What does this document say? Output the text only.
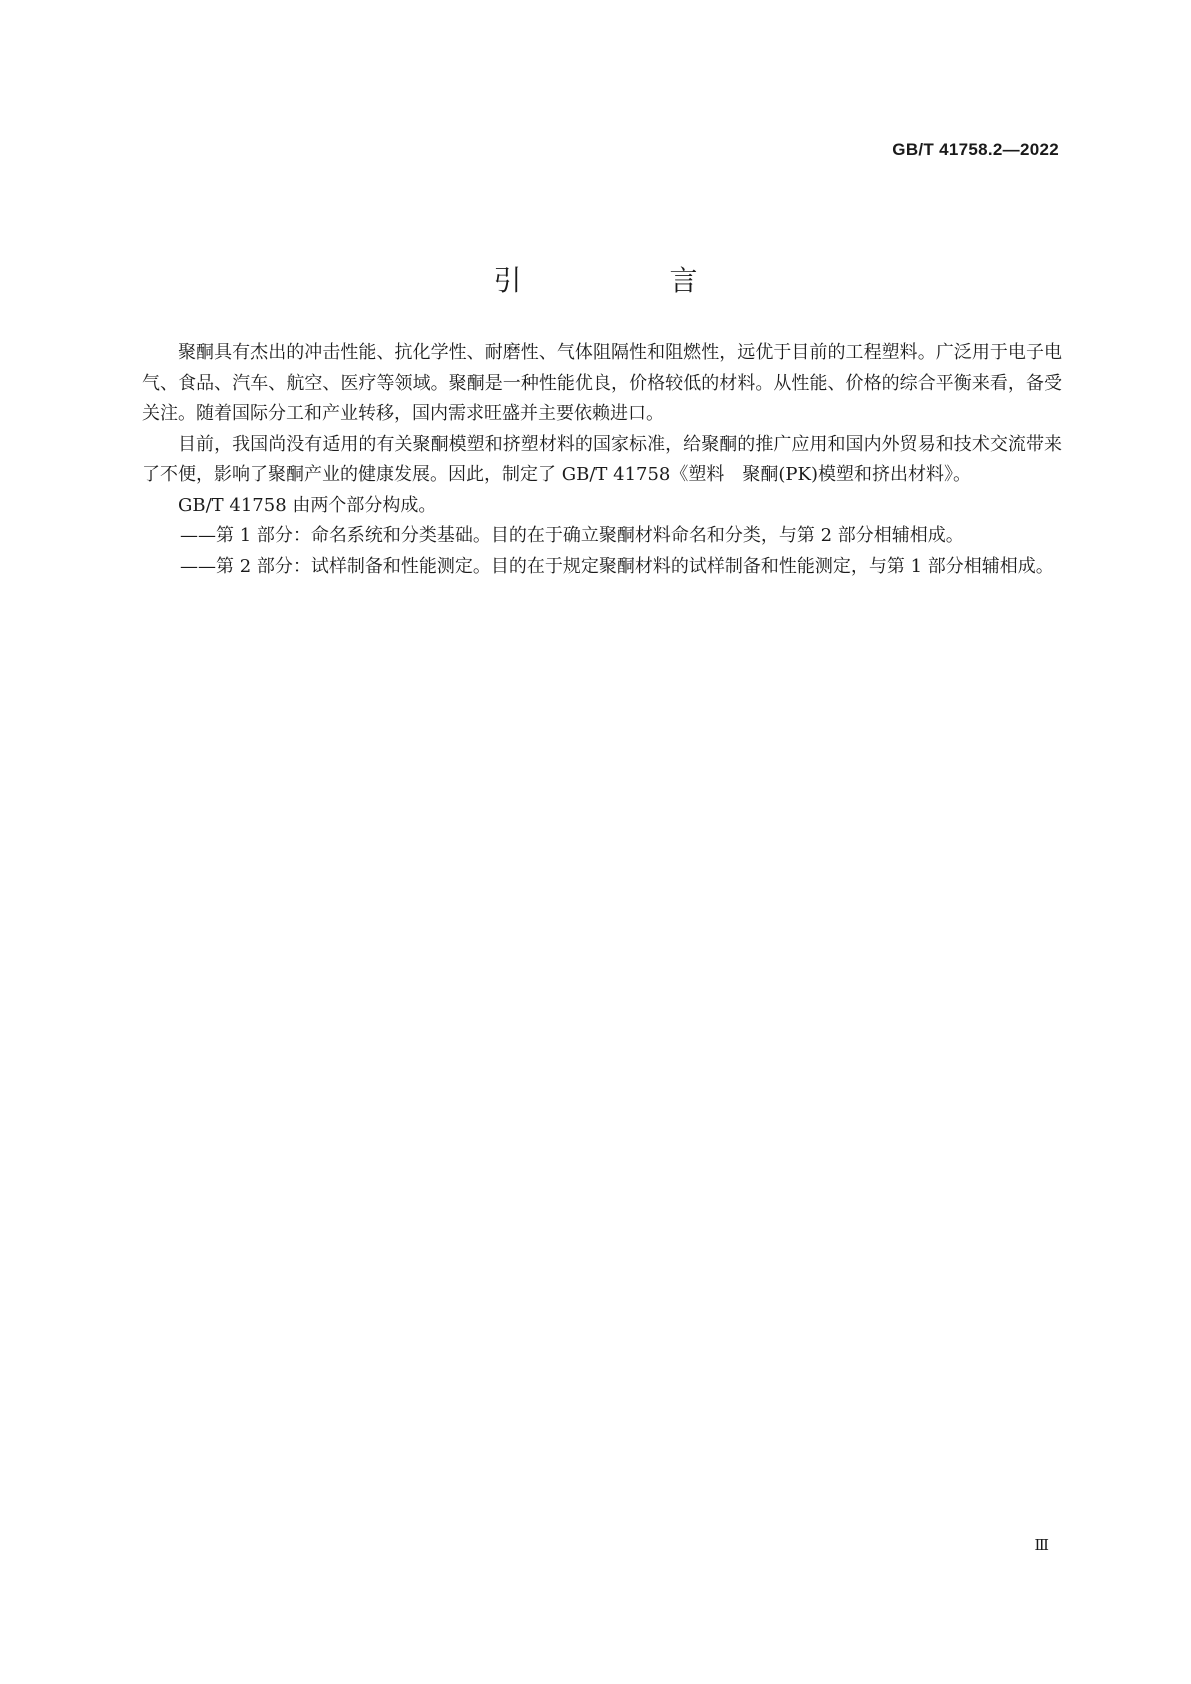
GB/T 41758.2—2022
引　言

聚酮具有杰出的冲击性能、抗化学性、耐磨性、气体阻隔性和阻燃性，远优于目前的工程塑料。广泛用于电子电气、食品、汽车、航空、医疗等领域。聚酮是一种性能优良，价格较低的材料。从性能、价格的综合平衡来看，备受关注。随着国际分工和产业转移，国内需求旺盛并主要依赖进口。

目前，我国尚没有适用的有关聚酮模塑和挤塑材料的国家标准，给聚酮的推广应用和国内外贸易和技术交流带来了不便，影响了聚酮产业的健康发展。因此，制定了 GB/T 41758《塑料　聚酮(PK)模塑和挤出材料》。

GB/T 41758 由两个部分构成。

——第 1 部分：命名系统和分类基础。目的在于确立聚酮材料命名和分类，与第 2 部分相辅相成。

——第 2 部分：试样制备和性能测定。目的在于规定聚酮材料的试样制备和性能测定，与第 1 部分相辅相成。

Ⅲ
